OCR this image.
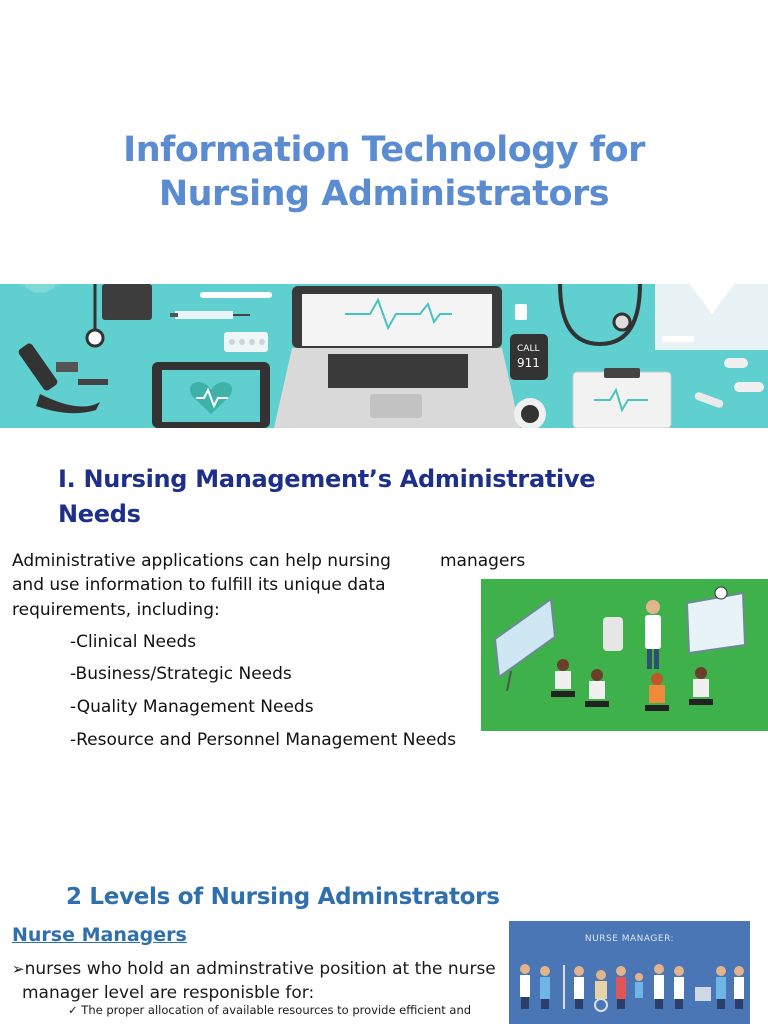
Information Technology for
Nursing Administrators
CALL
911
I. Nursing Management’s Administrative
Needs
Administrative applications can help nursing	managers
and use information to fulfill its unique data
requirements, including:
-Clinical Needs
-Business/Strategic Needs
-Quality Management Needs
-Resource and Personnel Management Needs
2 Levels of Nursing Adminstrators
Nurse Managers
➢nurses who hold an adminstrative position at the nurse
manager level are responisble for:
✓ The proper allocation of available resources to provide efficient and
NURSE MANAGER:
